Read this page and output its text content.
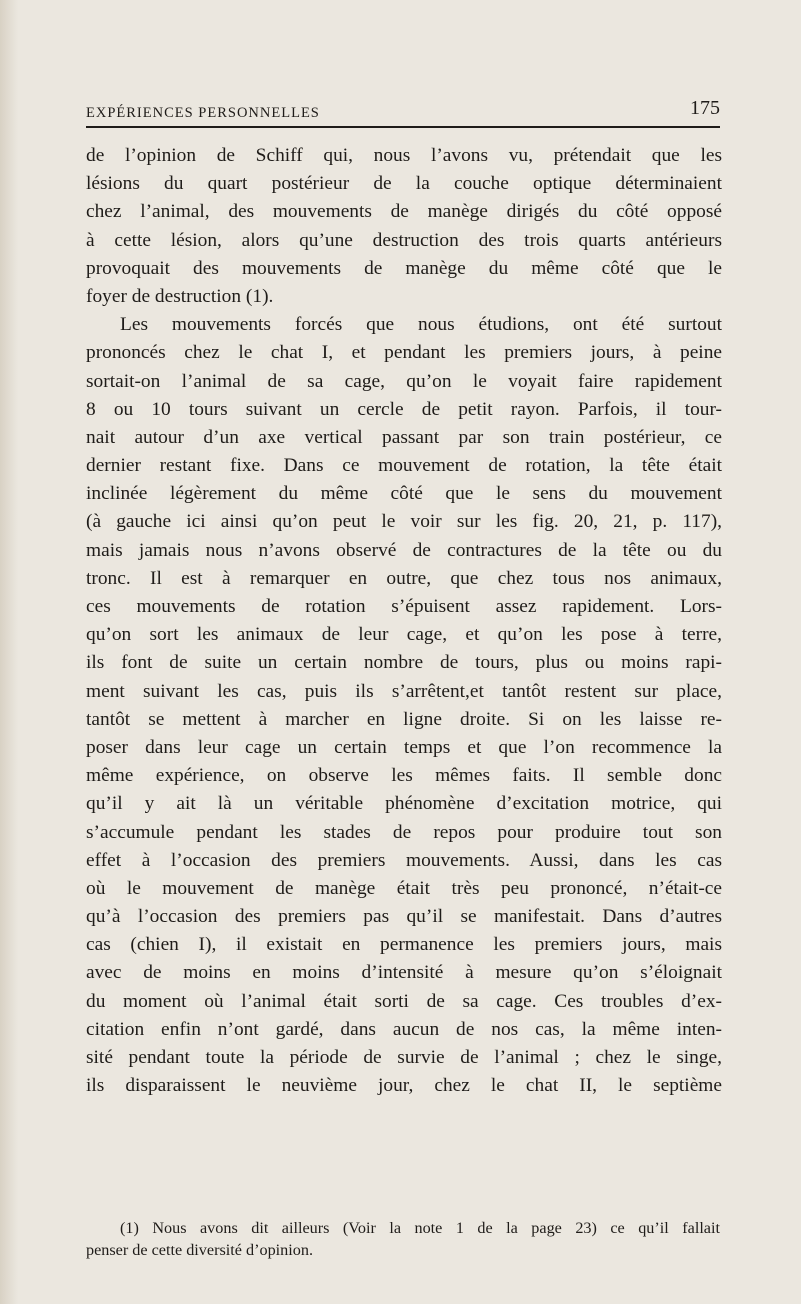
EXPÉRIENCES PERSONNELLES	175
de l’opinion de Schiff qui, nous l’avons vu, prétendait que les
lésions du quart postérieur de la couche optique déterminaient
chez l’animal, des mouvements de manège dirigés du côté opposé
à cette lésion, alors qu’une destruction des trois quarts antérieurs
provoquait des mouvements de manège du même côté que le
foyer de destruction (1).
Les mouvements forcés que nous étudions, ont été surtout
prononcés chez le chat I, et pendant les premiers jours, à peine
sortait-on l’animal de sa cage, qu’on le voyait faire rapidement
8 ou 10 tours suivant un cercle de petit rayon. Parfois, il tour-
nait autour d’un axe vertical passant par son train postérieur, ce
dernier restant fixe. Dans ce mouvement de rotation, la tête était
inclinée légèrement du même côté que le sens du mouvement
(à gauche ici ainsi qu’on peut le voir sur les fig. 20, 21, p. 117),
mais jamais nous n’avons observé de contractures de la tête ou du
tronc. Il est à remarquer en outre, que chez tous nos animaux,
ces mouvements de rotation s’épuisent assez rapidement. Lors-
qu’on sort les animaux de leur cage, et qu’on les pose à terre,
ils font de suite un certain nombre de tours, plus ou moins rapi-
ment suivant les cas, puis ils s’arrêtent,et tantôt restent sur place,
tantôt se mettent à marcher en ligne droite. Si on les laisse re-
poser dans leur cage un certain temps et que l’on recommence la
même expérience, on observe les mêmes faits. Il semble donc
qu’il y ait là un véritable phénomène d’excitation motrice, qui
s’accumule pendant les stades de repos pour produire tout son
effet à l’occasion des premiers mouvements. Aussi, dans les cas
où le mouvement de manège était très peu prononcé, n’était-ce
qu’à l’occasion des premiers pas qu’il se manifestait. Dans d’autres
cas (chien I), il existait en permanence les premiers jours, mais
avec de moins en moins d’intensité à mesure qu’on s’éloignait
du moment où l’animal était sorti de sa cage. Ces troubles d’ex-
citation enfin n’ont gardé, dans aucun de nos cas, la même inten-
sité pendant toute la période de survie de l’animal ; chez le singe,
ils disparaissent le neuvième jour, chez le chat II, le septième
(1) Nous avons dit ailleurs (Voir la note 1 de la page 23) ce qu’il fallait
penser de cette diversité d’opinion.
